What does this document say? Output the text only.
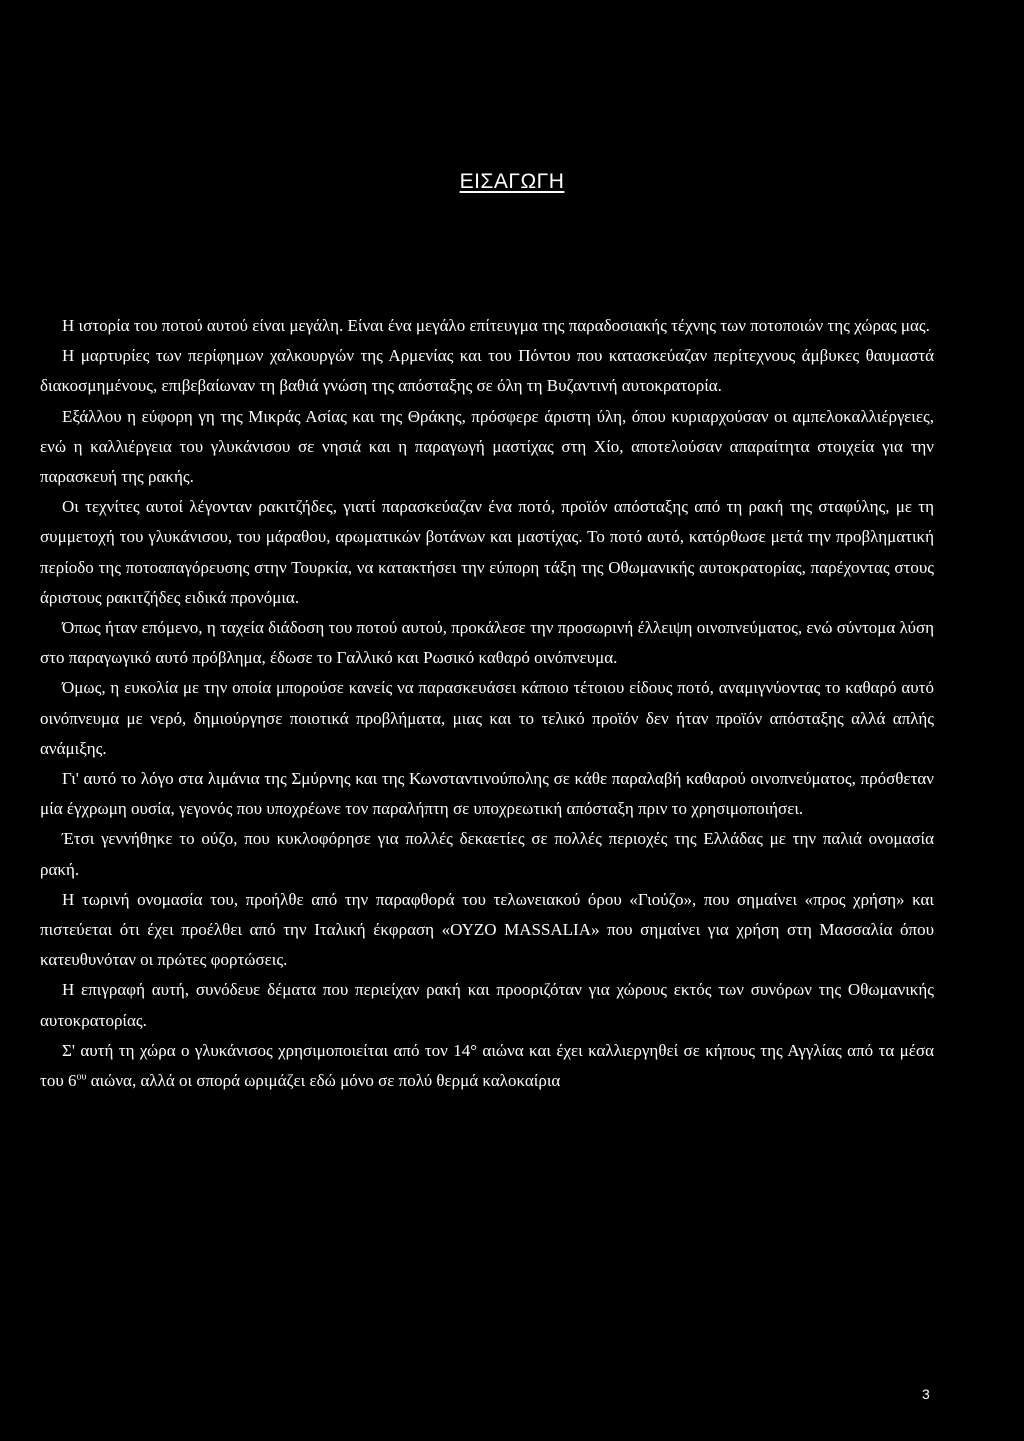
ΕΙΣΑΓΩΓΗ

Η ιστορία του ποτού αυτού είναι μεγάλη. Είναι ένα μεγάλο επίτευγμα της παραδοσιακής τέχνης των ποτοποιών της χώρας μας.

Η μαρτυρίες των περίφημων χαλκουργών της Αρμενίας και του Πόντου που κατασκεύαζαν περίτεχνους άμβυκες θαυμαστά διακοσμημένους, επιβεβαίωναν τη βαθιά γνώση της απόσταξης σε όλη τη Βυζαντινή αυτοκρατορία.

Εξάλλου η εύφορη γη της Μικράς Ασίας και της Θράκης, πρόσφερε άριστη ύλη, όπου κυριαρχούσαν οι αμπελοκαλλιέργειες, ενώ η καλλιέργεια του γλυκάνισου σε νησιά και η παραγωγή μαστίχας στη Χίο, αποτελούσαν απαραίτητα στοιχεία για την παρασκευή της ρακής.

Οι τεχνίτες αυτοί λέγονταν ρακιτζήδες, γιατί παρασκεύαζαν ένα ποτό, προϊόν απόσταξης από τη ρακή της σταφύλης, με τη συμμετοχή του γλυκάνισου, του μάραθου, αρωματικών βοτάνων και μαστίχας. Το ποτό αυτό, κατόρθωσε μετά την προβληματική περίοδο της ποτοαπαγόρευσης στην Τουρκία, να κατακτήσει την εύπορη τάξη της Οθωμανικής αυτοκρατορίας, παρέχοντας στους άριστους ρακιτζήδες ειδικά προνόμια.

Όπως ήταν επόμενο, η ταχεία διάδοση του ποτού αυτού, προκάλεσε την προσωρινή έλλειψη οινοπνεύματος, ενώ σύντομα λύση στο παραγωγικό αυτό πρόβλημα, έδωσε το Γαλλικό και Ρωσικό καθαρό οινόπνευμα.

Όμως, η ευκολία με την οποία μπορούσε κανείς να παρασκευάσει κάποιο τέτοιου είδους ποτό, αναμιγνύοντας το καθαρό αυτό οινόπνευμα με νερό, δημιούργησε ποιοτικά προβλήματα, μιας και το τελικό προϊόν δεν ήταν προϊόν απόσταξης αλλά απλής ανάμιξης.

Γι' αυτό το λόγο στα λιμάνια της Σμύρνης και της Κωνσταντινούπολης σε κάθε παραλαβή καθαρού οινοπνεύματος, πρόσθεταν μία έγχρωμη ουσία, γεγονός που υποχρέωνε τον παραλήπτη σε υποχρεωτική απόσταξη πριν το χρησιμοποιήσει.

Έτσι γεννήθηκε το ούζο, που κυκλοφόρησε για πολλές δεκαετίες σε πολλές περιοχές της Ελλάδας με την παλιά ονομασία ρακή.

Η τωρινή ονομασία του, προήλθε από την παραφθορά του τελωνειακού όρου «Γιούζο», που σημαίνει «προς χρήση» και πιστεύεται ότι έχει προέλθει από την Ιταλική έκφραση «ΟΥΖΟ MASSALIA» που σημαίνει για χρήση στη Μασσαλία όπου κατευθυνόταν οι πρώτες φορτώσεις.

Η επιγραφή αυτή, συνόδευε δέματα που περιείχαν ρακή και προοριζόταν για χώρους εκτός των συνόρων της Οθωμανικής αυτοκρατορίας.

Σ' αυτή τη χώρα ο γλυκάνισος χρησιμοποιείται από τον 14° αιώνα και έχει καλλιεργηθεί σε κήπους της Αγγλίας από τα μέσα του $6^{o\upsilon}$ αιώνα, αλλά οι σπορά ωριμάζει εδώ μόνο σε πολύ θερμά καλοκαίρια

3
